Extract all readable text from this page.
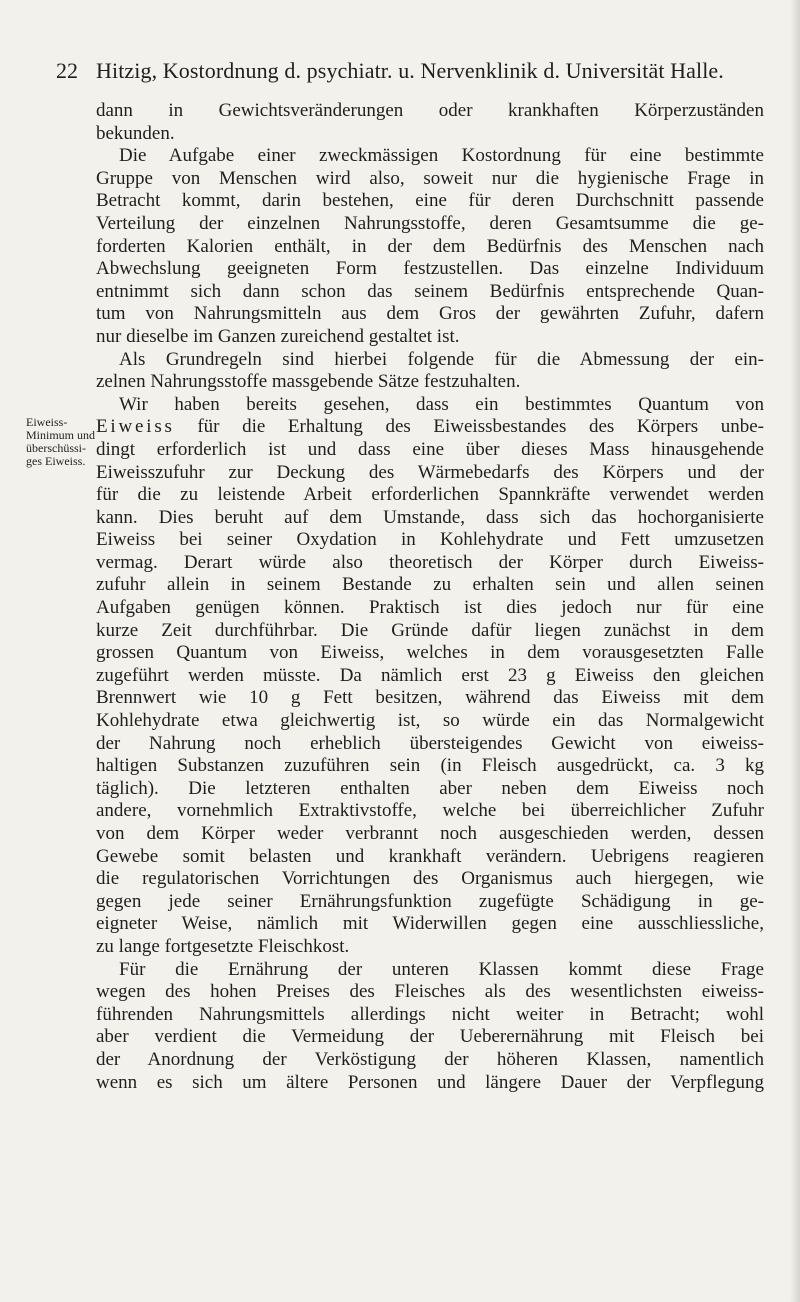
22 Hitzig, Kostordnung d. psychiatr. u. Nervenklinik d. Universität Halle.
Eiweiss-
Minimum und
überschüssi-
ges Eiweiss.
dann in Gewichtsveränderungen oder krankhaften Körperzuständen
bekunden.
Die Aufgabe einer zweckmässigen Kostordnung für eine bestimmte
Gruppe von Menschen wird also, soweit nur die hygienische Frage in
Betracht kommt, darin bestehen, eine für deren Durchschnitt passende
Verteilung der einzelnen Nahrungsstoffe, deren Gesamtsumme die ge-
forderten Kalorien enthält, in der dem Bedürfnis des Menschen nach
Abwechslung geeigneten Form festzustellen. Das einzelne Individuum
entnimmt sich dann schon das seinem Bedürfnis entsprechende Quan-
tum von Nahrungsmitteln aus dem Gros der gewährten Zufuhr, dafern
nur dieselbe im Ganzen zureichend gestaltet ist.
Als Grundregeln sind hierbei folgende für die Abmessung der ein-
zelnen Nahrungsstoffe massgebende Sätze festzuhalten.
Wir haben bereits gesehen, dass ein bestimmtes Quantum von
Eiweiss für die Erhaltung des Eiweissbestandes des Körpers unbe-
dingt erforderlich ist und dass eine über dieses Mass hinausgehende
Eiweisszufuhr zur Deckung des Wärmebedarfs des Körpers und der
für die zu leistende Arbeit erforderlichen Spannkräfte verwendet werden
kann. Dies beruht auf dem Umstande, dass sich das hochorganisierte
Eiweiss bei seiner Oxydation in Kohlehydrate und Fett umzusetzen
vermag. Derart würde also theoretisch der Körper durch Eiweiss-
zufuhr allein in seinem Bestande zu erhalten sein und allen seinen
Aufgaben genügen können. Praktisch ist dies jedoch nur für eine
kurze Zeit durchführbar. Die Gründe dafür liegen zunächst in dem
grossen Quantum von Eiweiss, welches in dem vorausgesetzten Falle
zugeführt werden müsste. Da nämlich erst 23 g Eiweiss den gleichen
Brennwert wie 10 g Fett besitzen, während das Eiweiss mit dem
Kohlehydrate etwa gleichwertig ist, so würde ein das Normalgewicht
der Nahrung noch erheblich übersteigendes Gewicht von eiweiss-
haltigen Substanzen zuzuführen sein (in Fleisch ausgedrückt, ca. 3 kg
täglich). Die letzteren enthalten aber neben dem Eiweiss noch
andere, vornehmlich Extraktivstoffe, welche bei überreichlicher Zufuhr
von dem Körper weder verbrannt noch ausgeschieden werden, dessen
Gewebe somit belasten und krankhaft verändern. Uebrigens reagieren
die regulatorischen Vorrichtungen des Organismus auch hiergegen, wie
gegen jede seiner Ernährungsfunktion zugefügte Schädigung in ge-
eigneter Weise, nämlich mit Widerwillen gegen eine ausschliessliche,
zu lange fortgesetzte Fleischkost.
Für die Ernährung der unteren Klassen kommt diese Frage
wegen des hohen Preises des Fleisches als des wesentlichsten eiweiss-
führenden Nahrungsmittels allerdings nicht weiter in Betracht; wohl
aber verdient die Vermeidung der Ueberernährung mit Fleisch bei
der Anordnung der Verköstigung der höheren Klassen, namentlich
wenn es sich um ältere Personen und längere Dauer der Verpflegung
